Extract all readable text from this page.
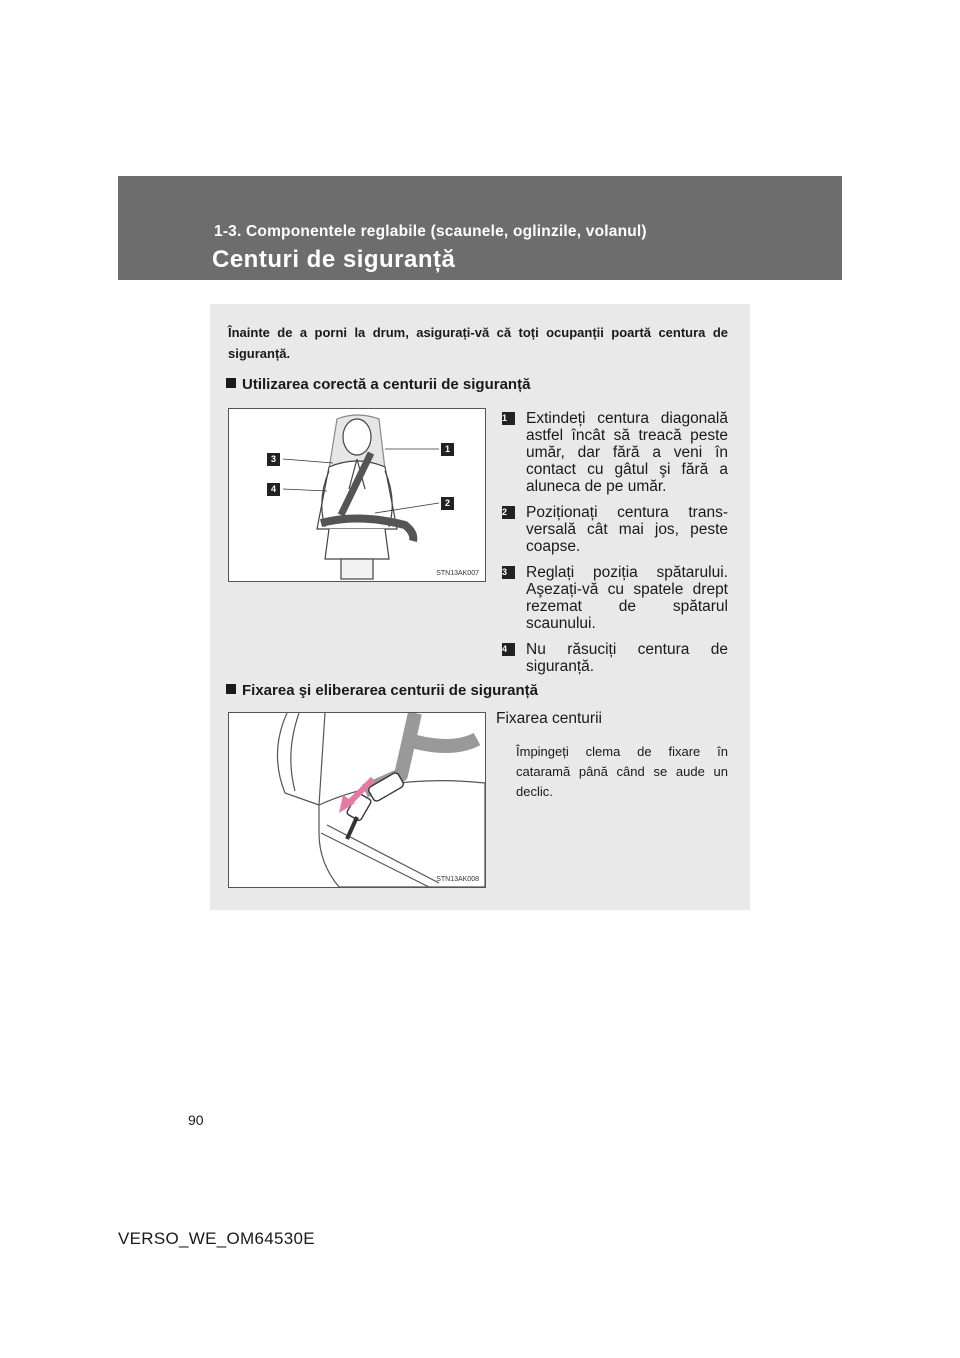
1-3. Componentele reglabile (scaunele, oglinzile, volanul)
Centuri de siguranță
Înainte de a porni la drum, asigurați-vă că toți ocupanții poartă centura de siguranță.
Utilizarea corectă a centurii de siguranță
1
2
3
4
STN13AK007
1	Extindeți centura diagonală astfel încât să treacă peste umăr, dar fără a veni în contact cu gâtul şi fără a aluneca de pe umăr.
2	Poziționați centura trans-versală cât mai jos, peste coapse.
3	Reglați poziția spătarului. Aşezați-vă cu spatele drept rezemat de spătarul scaunului.
4	Nu răsuciți centura de siguranță.
Fixarea şi eliberarea centurii de siguranță
STN13AK008
Fixarea centurii
Împingeți clema de fixare în cataramă până când se aude un declic.
90
VERSO_WE_OM64530E
